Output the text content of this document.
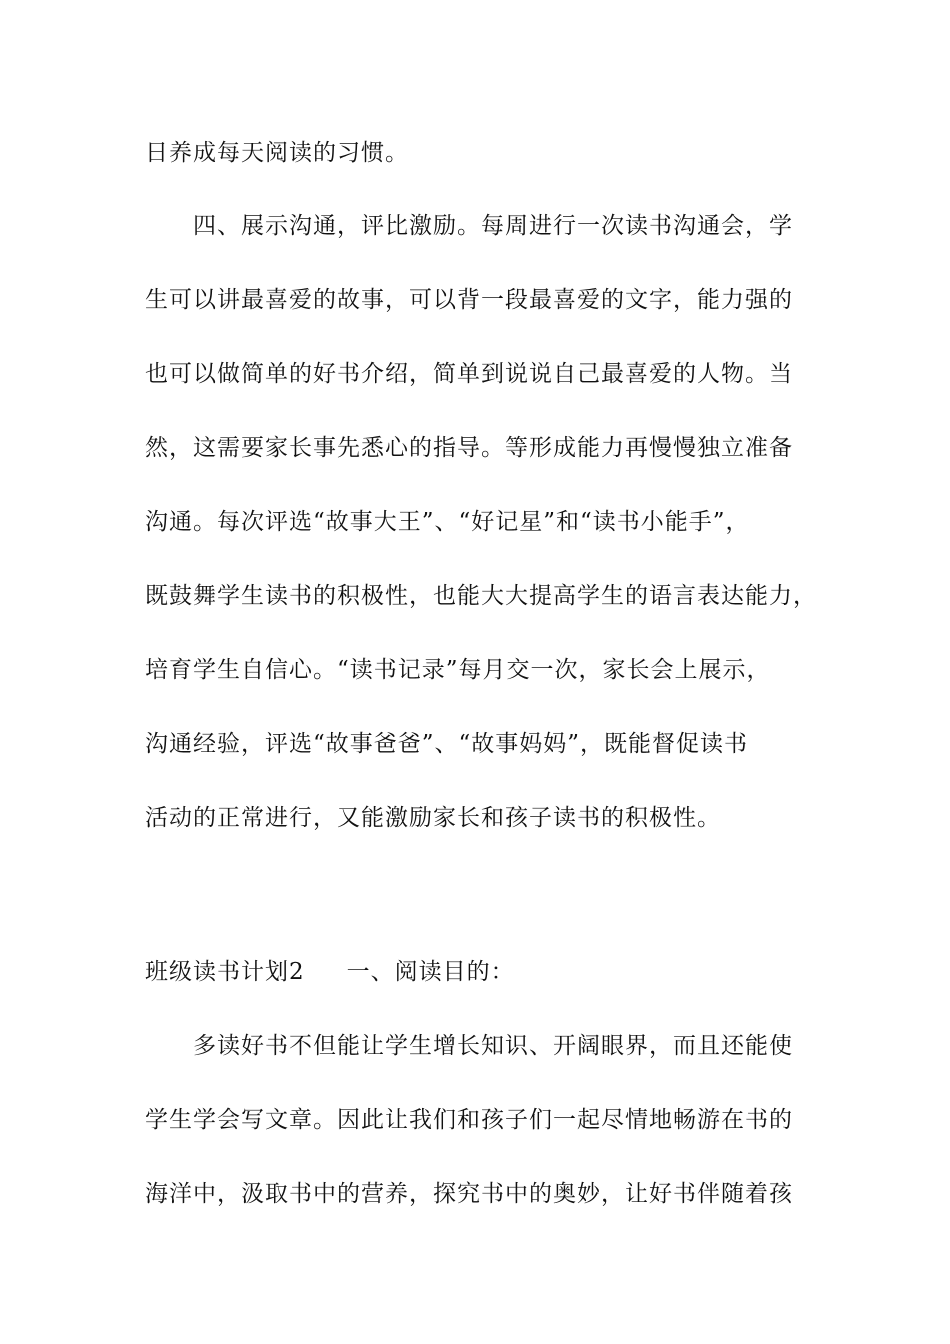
日养成每天阅读的习惯。
四、展示沟通，评比激励。每周进行一次读书沟通会，学
生可以讲最喜爱的故事，可以背一段最喜爱的文字，能力强的
也可以做简单的好书介绍，简单到说说自己最喜爱的人物。当
然，这需要家长事先悉心的指导。等形成能力再慢慢独立准备
沟通。每次评选“故事大王”、“好记星”和“读书小能手”，
既鼓舞学生读书的积极性，也能大大提高学生的语言表达能力，
培育学生自信心。“读书记录”每月交一次，家长会上展示，
沟通经验，评选“故事爸爸”、“故事妈妈”，既能督促读书
活动的正常进行，又能激励家长和孩子读书的积极性。
班级读书计划2 一、阅读目的：
多读好书不但能让学生增长知识、开阔眼界，而且还能使
学生学会写文章。因此让我们和孩子们一起尽情地畅游在书的
海洋中，汲取书中的营养，探究书中的奥妙，让好书伴随着孩
